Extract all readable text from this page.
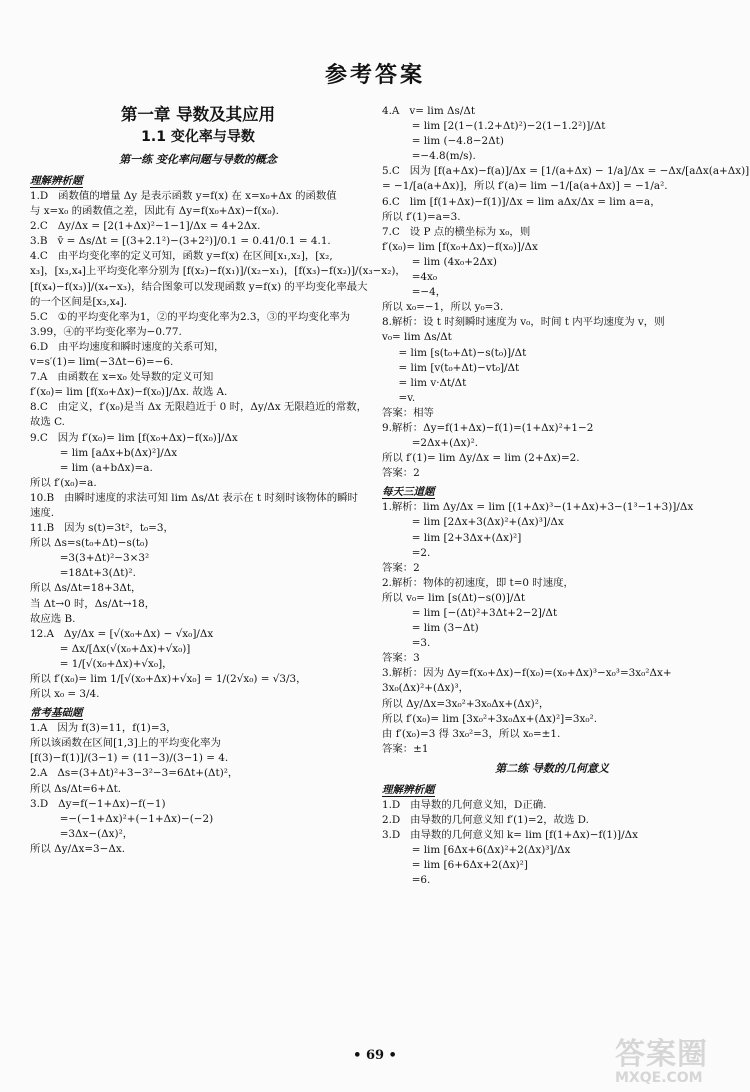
参考答案
第一章 导数及其应用
1.1 变化率与导数
第一练 变化率问题与导数的概念
理解辨析题
1.D   函数值的增量 Δy 是表示函数 y=f(x) 在 x=x₀+Δx 的函数值
与 x=x₀ 的函数值之差，因此有 Δy=f(x₀+Δx)−f(x₀).
2.C   Δy/Δx = [2(1+Δx)²−1−1]/Δx = 4+2Δx.
3.B   v̄ = Δs/Δt = [(3+2.1²)−(3+2²)]/0.1 = 0.41/0.1 = 4.1.
4.C   由平均变化率的定义可知，函数 y=f(x) 在区间[x₁,x₂]，[x₂,
x₃]，[x₃,x₄]上平均变化率分别为 [f(x₂)−f(x₁)]/(x₂−x₁)，[f(x₃)−f(x₂)]/(x₃−x₂)，
[f(x₄)−f(x₃)]/(x₄−x₃)，结合图象可以发现函数 y=f(x) 的平均变化率最大
的一个区间是[x₃,x₄].
5.C   ①的平均变化率为1，②的平均变化率为2.3，③的平均变化率为
3.99，④的平均变化率为−0.77.
6.D   由平均速度和瞬时速度的关系可知，
v=s′(1)= lim(−3Δt−6)=−6.
7.A   由函数在 x=x₀ 处导数的定义可知
f′(x₀)= lim [f(x₀+Δx)−f(x₀)]/Δx. 故选 A.
8.C   由定义，f′(x₀)是当 Δx 无限趋近于 0 时，Δy/Δx 无限趋近的常数，
故选 C.
9.C   因为 f′(x₀)= lim [f(x₀+Δx)−f(x₀)]/Δx
= lim [aΔx+b(Δx)²]/Δx
= lim (a+bΔx)=a.
所以 f′(x₀)=a.
10.B   由瞬时速度的求法可知 lim Δs/Δt 表示在 t 时刻时该物体的瞬时
速度.
11.B   因为 s(t)=3t²，t₀=3，
所以 Δs=s(t₀+Δt)−s(t₀)
=3(3+Δt)²−3×3²
=18Δt+3(Δt)².
所以 Δs/Δt=18+3Δt，
当 Δt→0 时，Δs/Δt→18，
故应选 B.
12.A   Δy/Δx = [√(x₀+Δx) − √x₀]/Δx
= Δx/[Δx(√(x₀+Δx)+√x₀)]
= 1/[√(x₀+Δx)+√x₀]，
所以 f′(x₀)= lim 1/[√(x₀+Δx)+√x₀] = 1/(2√x₀) = √3/3，
所以 x₀ = 3/4.
常考基础题
1.A   因为 f(3)=11，f(1)=3，
所以该函数在区间[1,3]上的平均变化率为
[f(3)−f(1)]/(3−1) = (11−3)/(3−1) = 4.
2.A   Δs=(3+Δt)²+3−3²−3=6Δt+(Δt)²，
所以 Δs/Δt=6+Δt.
3.D   Δy=f(−1+Δx)−f(−1)
=−(−1+Δx)²+(−1+Δx)−(−2)
=3Δx−(Δx)²，
所以 Δy/Δx=3−Δx.
4.A   v= lim Δs/Δt
= lim [2(1−(1.2+Δt)²)−2(1−1.2²)]/Δt
= lim (−4.8−2Δt)
=−4.8(m/s).
5.C   因为 [f(a+Δx)−f(a)]/Δx = [1/(a+Δx) − 1/a]/Δx = −Δx/[aΔx(a+Δx)]
= −1/[a(a+Δx)]，所以 f′(a)= lim −1/[a(a+Δx)] = −1/a².
6.C   lim [f(1+Δx)−f(1)]/Δx = lim aΔx/Δx = lim a=a，
所以 f′(1)=a=3.
7.C   设 P 点的横坐标为 x₀，则
f′(x₀)= lim [f(x₀+Δx)−f(x₀)]/Δx
= lim (4x₀+2Δx)
=4x₀
=−4，
所以 x₀=−1，所以 y₀=3.
8.解析：设 t 时刻瞬时速度为 v₀，时间 t 内平均速度为 v，则
v₀= lim Δs/Δt
= lim [s(t₀+Δt)−s(t₀)]/Δt
= lim [v(t₀+Δt)−vt₀]/Δt
= lim v·Δt/Δt
=v.
答案：相等
9.解析：Δy=f(1+Δx)−f(1)=(1+Δx)²+1−2
=2Δx+(Δx)².
所以 f′(1)= lim Δy/Δx = lim (2+Δx)=2.
答案：2
每天三道题
1.解析：lim Δy/Δx = lim [(1+Δx)³−(1+Δx)+3−(1³−1+3)]/Δx
= lim [2Δx+3(Δx)²+(Δx)³]/Δx
= lim [2+3Δx+(Δx)²]
=2.
答案：2
2.解析：物体的初速度，即 t=0 时速度，
所以 v₀= lim [s(Δt)−s(0)]/Δt
= lim [−(Δt)²+3Δt+2−2]/Δt
= lim (3−Δt)
=3.
答案：3
3.解析：因为 Δy=f(x₀+Δx)−f(x₀)=(x₀+Δx)³−x₀³=3x₀²Δx+
3x₀(Δx)²+(Δx)³，
所以 Δy/Δx=3x₀²+3x₀Δx+(Δx)²，
所以 f′(x₀)= lim [3x₀²+3x₀Δx+(Δx)²]=3x₀².
由 f′(x₀)=3 得 3x₀²=3，所以 x₀=±1.
答案：±1
第二练 导数的几何意义
理解辨析题
1.D   由导数的几何意义知，D正确.
2.D   由导数的几何意义知 f′(1)=2，故选 D.
3.D   由导数的几何意义知 k= lim [f(1+Δx)−f(1)]/Δx
= lim [6Δx+6(Δx)²+2(Δx)³]/Δx
= lim [6+6Δx+2(Δx)²]
=6.
• 69 •	答案圈
MXQE.COM
